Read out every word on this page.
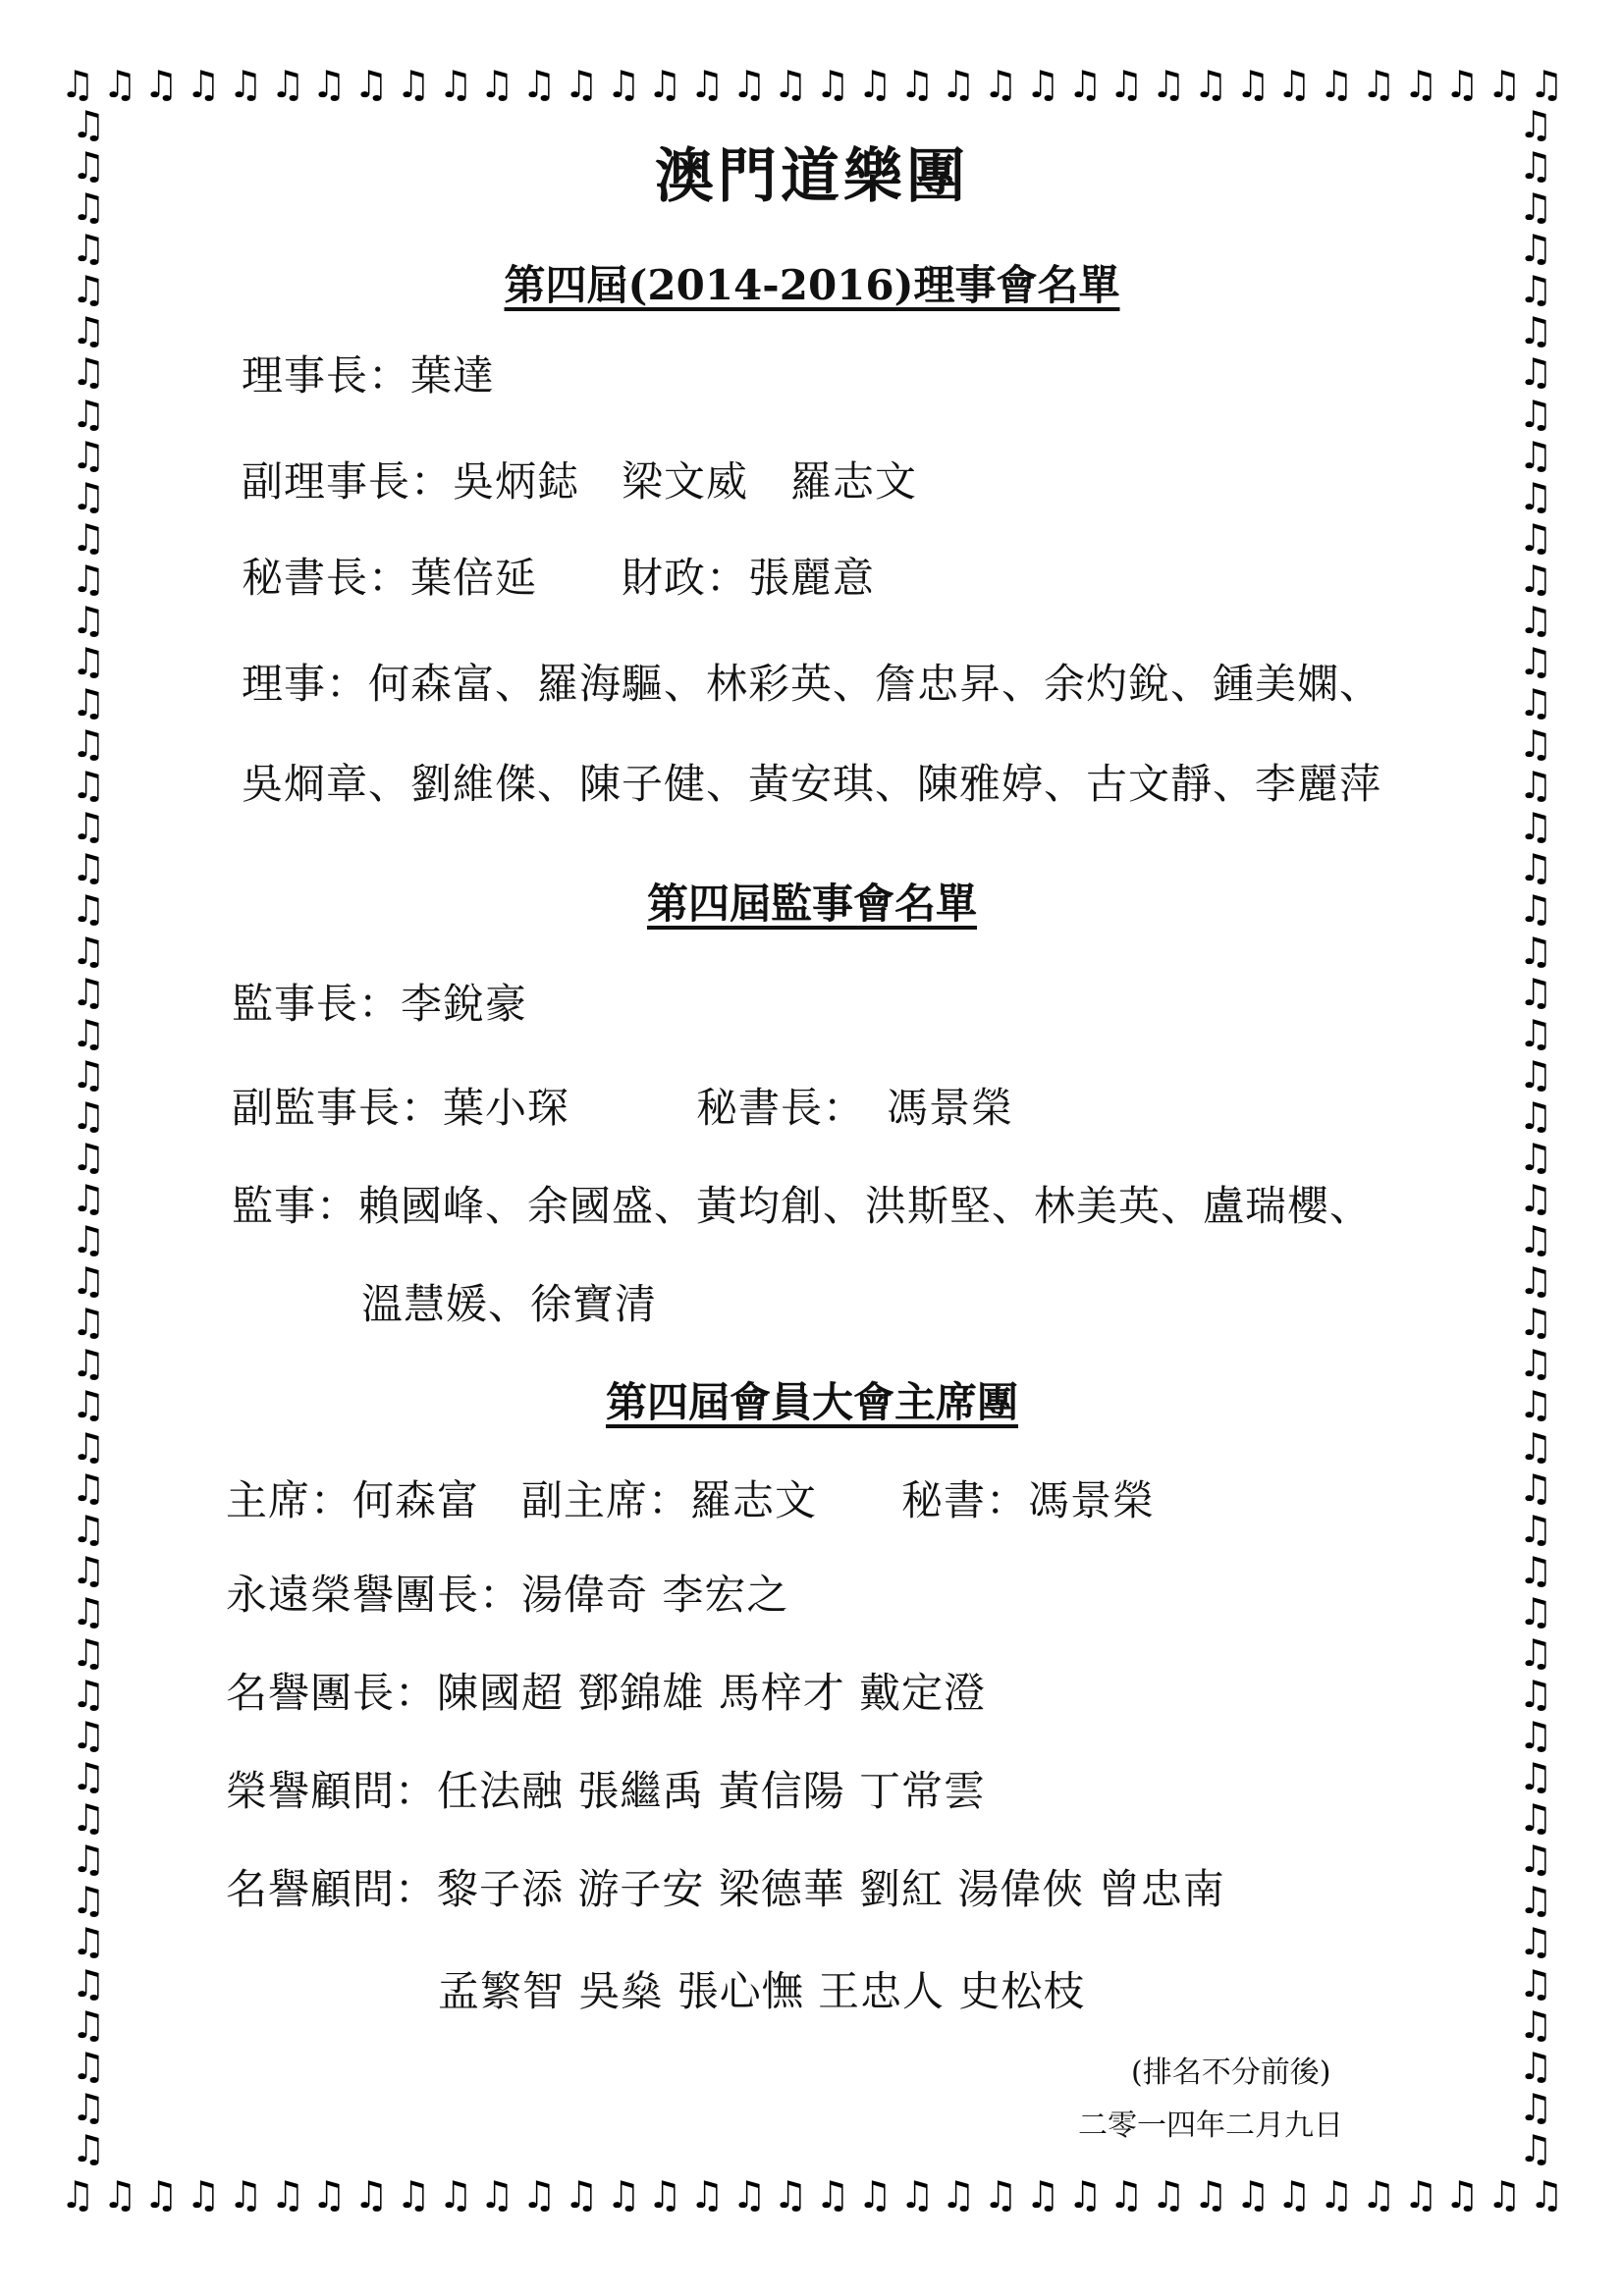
♫ ♫ ♫ ♫ ♫ ♫ ♫ ♫ ♫ ♫ ♫ ♫ ♫ ♫ ♫ ♫ ♫ ♫ ♫ ♫ ♫ ♫ ♫ ♫ ♫ ♫ ♫ ♫ ♫ ♫ ♫ ♫ ♫ ♫ ♫ ♫
♫ ♫ ♫ ♫ ♫ ♫ ♫ ♫ ♫ ♫ ♫ ♫ ♫ ♫ ♫ ♫ ♫ ♫ ♫ ♫ ♫ ♫ ♫ ♫ ♫ ♫ ♫ ♫ ♫ ♫ ♫ ♫ ♫ ♫ ♫ ♫
♫
♫
♫
♫
♫
♫
♫
♫
♫
♫
♫
♫
♫
♫
♫
♫
♫
♫
♫
♫
♫
♫
♫
♫
♫
♫
♫
♫
♫
♫
♫
♫
♫
♫
♫
♫
♫
♫
♫
♫
♫
♫
♫
♫
♫
♫
♫
♫
♫
♫
♫
♫
♫
♫
♫
♫
♫
♫
♫
♫
♫
♫
♫
♫
♫
♫
♫
♫
♫
♫
♫
♫
♫
♫
♫
♫
♫
♫
♫
♫
♫
♫
♫
♫
♫
♫
♫
♫
♫
♫
♫
♫
♫
♫
♫
♫
♫
♫
♫
♫
澳門道樂團
第四屆(2014-2016)理事會名單
理事長：葉達
副理事長：吳炳鋕　梁文威　羅志文
秘書長：葉倍延　　財政：張麗意
理事：何森富、羅海驅、林彩英、詹忠昇、余灼銳、鍾美嫻、
吳烱章、劉維傑、陳子健、黃安琪、陳雅婷、古文靜、李麗萍
第四屆監事會名單
監事長：李銳豪
副監事長：葉小琛　　　秘書長：　馮景榮
監事：賴國峰、余國盛、黃均創、洪斯堅、林美英、盧瑞櫻、
溫慧媛、徐寶清
第四屆會員大會主席團
主席：何森富　副主席：羅志文　　秘書：馮景榮
永遠榮譽團長：湯偉奇 李宏之
名譽團長：陳國超 鄧錦雄 馬梓才 戴定澄
榮譽顧問：任法融 張繼禹 黃信陽 丁常雲
名譽顧問：黎子添 游子安 梁德華 劉紅 湯偉俠 曾忠南
孟繁智 吳燊 張心憮 王忠人 史松枝
(排名不分前後)
二零一四年二月九日
